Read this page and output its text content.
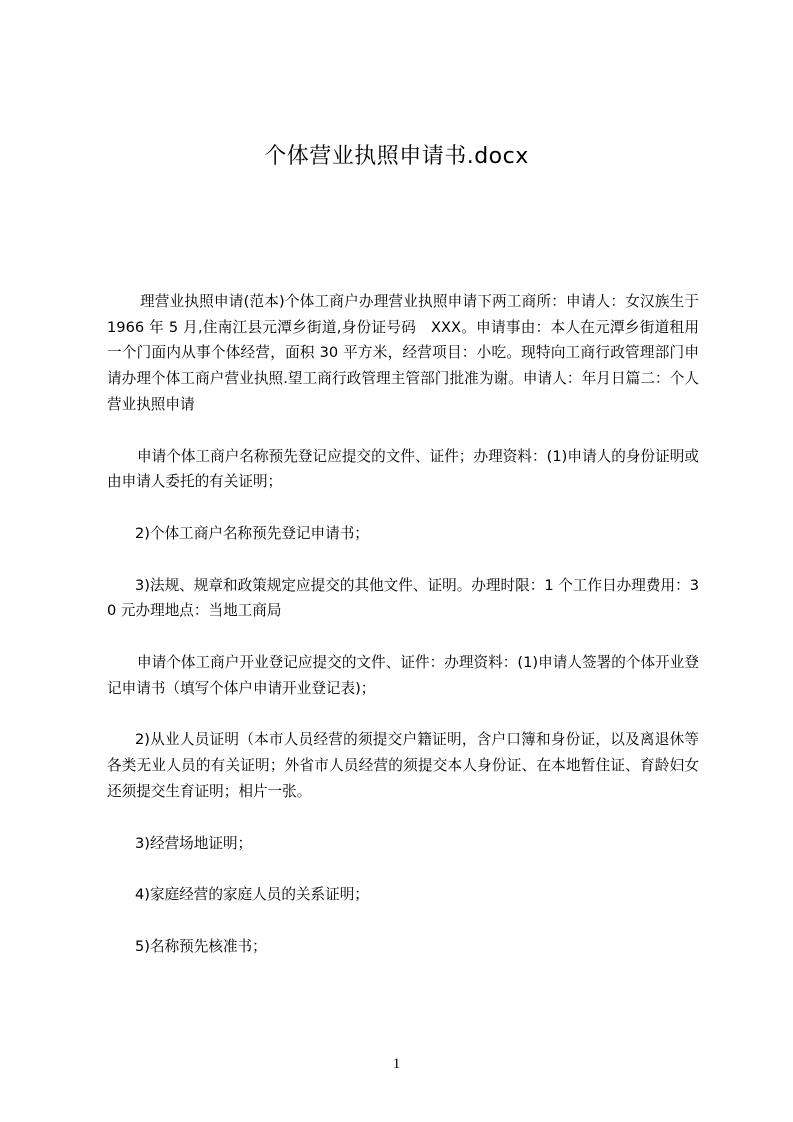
个体营业执照申请书.docx

理营业执照申请(范本)个体工商户办理营业执照申请下两工商所：申请人：女汉族生于 1966 年 5 月,住南江县元潭乡街道,身份证号码　XXX。申请事由：本人在元潭乡街道租用一个门面内从事个体经营，面积 30 平方米，经营项目：小吃。现特向工商行政管理部门申请办理个体工商户营业执照.望工商行政管理主管部门批准为谢。申请人：年月日篇二：个人营业执照申请

申请个体工商户名称预先登记应提交的文件、证件；办理资料：(1)申请人的身份证明或由申请人委托的有关证明；

2)个体工商户名称预先登记申请书；

3)法规、规章和政策规定应提交的其他文件、证明。办理时限：1 个工作日办理费用：30 元办理地点：当地工商局

申请个体工商户开业登记应提交的文件、证件：办理资料：(1)申请人签署的个体开业登记申请书（填写个体户申请开业登记表)；

2)从业人员证明（本市人员经营的须提交户籍证明，含户口簿和身份证，以及离退休等各类无业人员的有关证明；外省市人员经营的须提交本人身份证、在本地暂住证、育龄妇女还须提交生育证明；相片一张。

3)经营场地证明；

4)家庭经营的家庭人员的关系证明；

5)名称预先核准书；

1
